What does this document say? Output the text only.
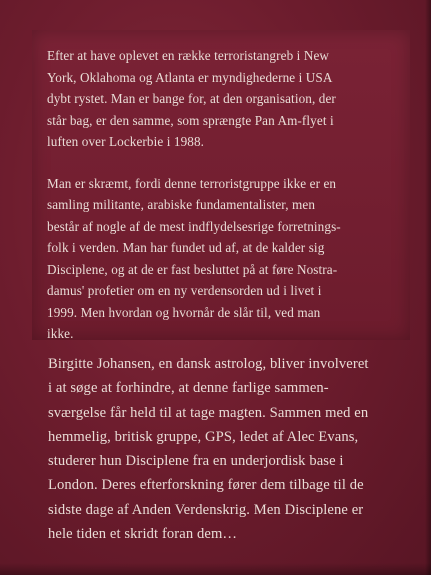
Efter at have oplevet en række terroristangreb i New
York, Oklahoma og Atlanta er myndighederne i USA
dybt rystet. Man er bange for, at den organisation, der
står bag, er den samme, som sprængte Pan Am-flyet i
luften over Lockerbie i 1988.

Man er skræmt, fordi denne terroristgruppe ikke er en
samling militante, arabiske fundamentalister, men
består af nogle af de mest indflydelsesrige forretnings-
folk i verden. Man har fundet ud af, at de kalder sig
Disciplene, og at de er fast besluttet på at føre Nostra-
damus' profetier om en ny verdensorden ud i livet i
1999. Men hvordan og hvornår de slår til, ved man
ikke.

Birgitte Johansen, en dansk astrolog, bliver involveret
i at søge at forhindre, at denne farlige sammen-
sværgelse får held til at tage magten. Sammen med en
hemmelig, britisk gruppe, GPS, ledet af Alec Evans,
studerer hun Disciplene fra en underjordisk base i
London. Deres efterforskning fører dem tilbage til de
sidste dage af Anden Verdenskrig. Men Disciplene er
hele tiden et skridt foran dem…
